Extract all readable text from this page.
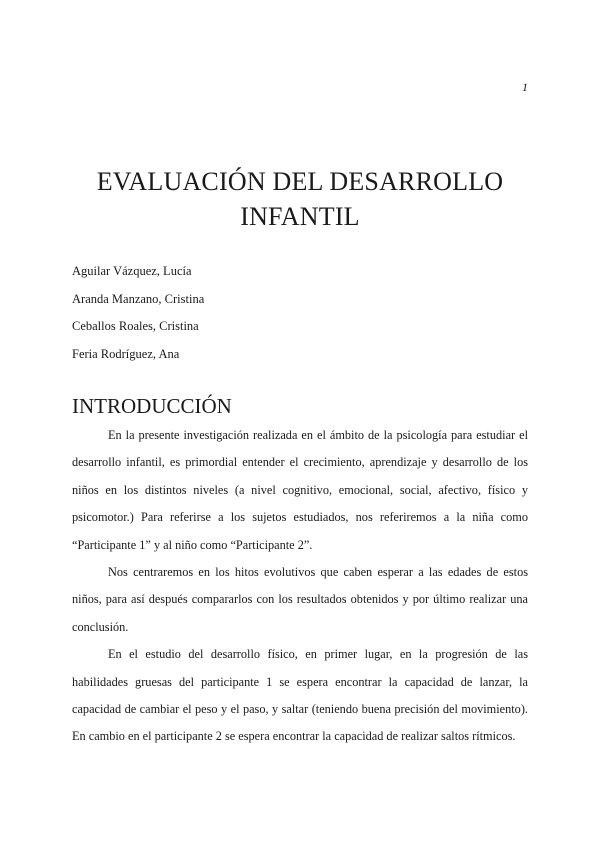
1
EVALUACIÓN DEL DESARROLLO
INFANTIL
Aguilar Vázquez, Lucía
Aranda Manzano, Cristina
Ceballos Roales, Cristina
Feria Rodríguez, Ana
INTRODUCCIÓN

En la presente investigación realizada en el ámbito de la psicología para estudiar el desarrollo infantil, es primordial entender el crecimiento, aprendizaje y desarrollo de los niños en los distintos niveles (a nivel cognitivo, emocional, social, afectivo, físico y psicomotor.) Para referirse a los sujetos estudiados, nos referiremos a la niña como “Participante 1” y al niño como “Participante 2”.

Nos centraremos en los hitos evolutivos que caben esperar a las edades de estos niños, para así después compararlos con los resultados obtenidos y por último realizar una conclusión.

En el estudio del desarrollo físico, en primer lugar, en la progresión de las habilidades gruesas del participante 1 se espera encontrar la capacidad de lanzar, la capacidad de cambiar el peso y el paso, y saltar (teniendo buena precisión del movimiento). En cambio en el participante 2 se espera encontrar la capacidad de realizar saltos rítmicos.
